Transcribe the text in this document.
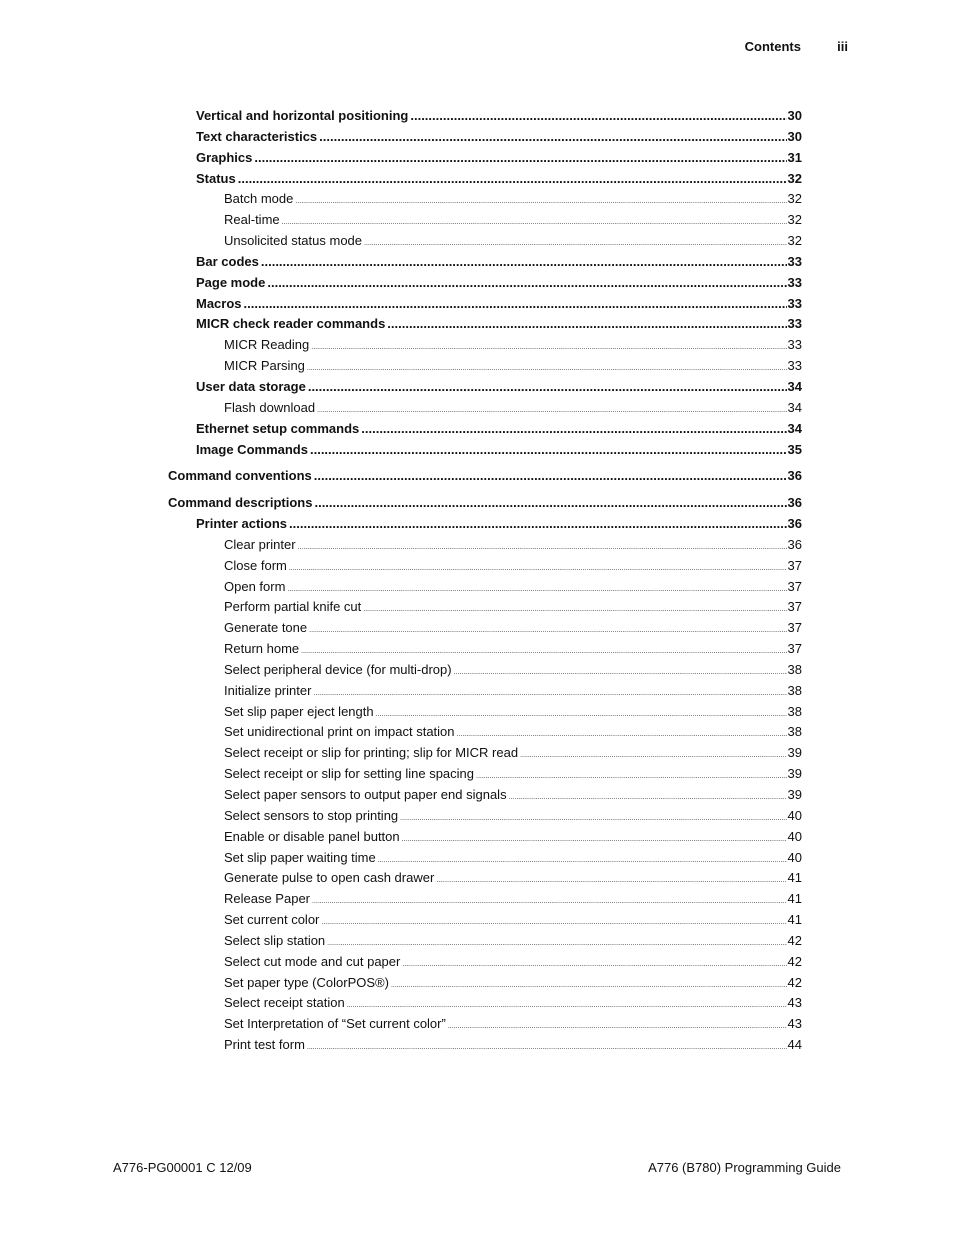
Contents	iii
Vertical and horizontal positioning .....	30
Text characteristics .....	30
Graphics .....	31
Status .....	32
Batch mode .....	32
Real-time .....	32
Unsolicited status mode .....	32
Bar codes .....	33
Page mode .....	33
Macros .....	33
MICR check reader commands .....	33
MICR Reading .....	33
MICR Parsing .....	33
User data storage .....	34
Flash download .....	34
Ethernet setup commands .....	34
Image Commands .....	35
Command conventions .....	36
Command descriptions .....	36
Printer actions .....	36
Clear printer .....	36
Close form .....	37
Open form .....	37
Perform partial knife cut .....	37
Generate tone .....	37
Return home .....	37
Select peripheral device (for multi-drop) .....	38
Initialize printer .....	38
Set slip paper eject length .....	38
Set unidirectional print on impact station .....	38
Select receipt or slip for printing; slip for MICR read .....	39
Select receipt or slip for setting line spacing .....	39
Select paper sensors to output paper end signals .....	39
Select sensors to stop printing .....	40
Enable or disable panel button .....	40
Set slip paper waiting time .....	40
Generate pulse to open cash drawer .....	41
Release Paper .....	41
Set current color .....	41
Select slip station .....	42
Select cut mode and cut paper .....	42
Set paper type (ColorPOS®) .....	42
Select receipt station .....	43
Set Interpretation of “Set current color” .....	43
Print test form .....	44
A776-PG00001 C 12/09	A776 (B780) Programming Guide
